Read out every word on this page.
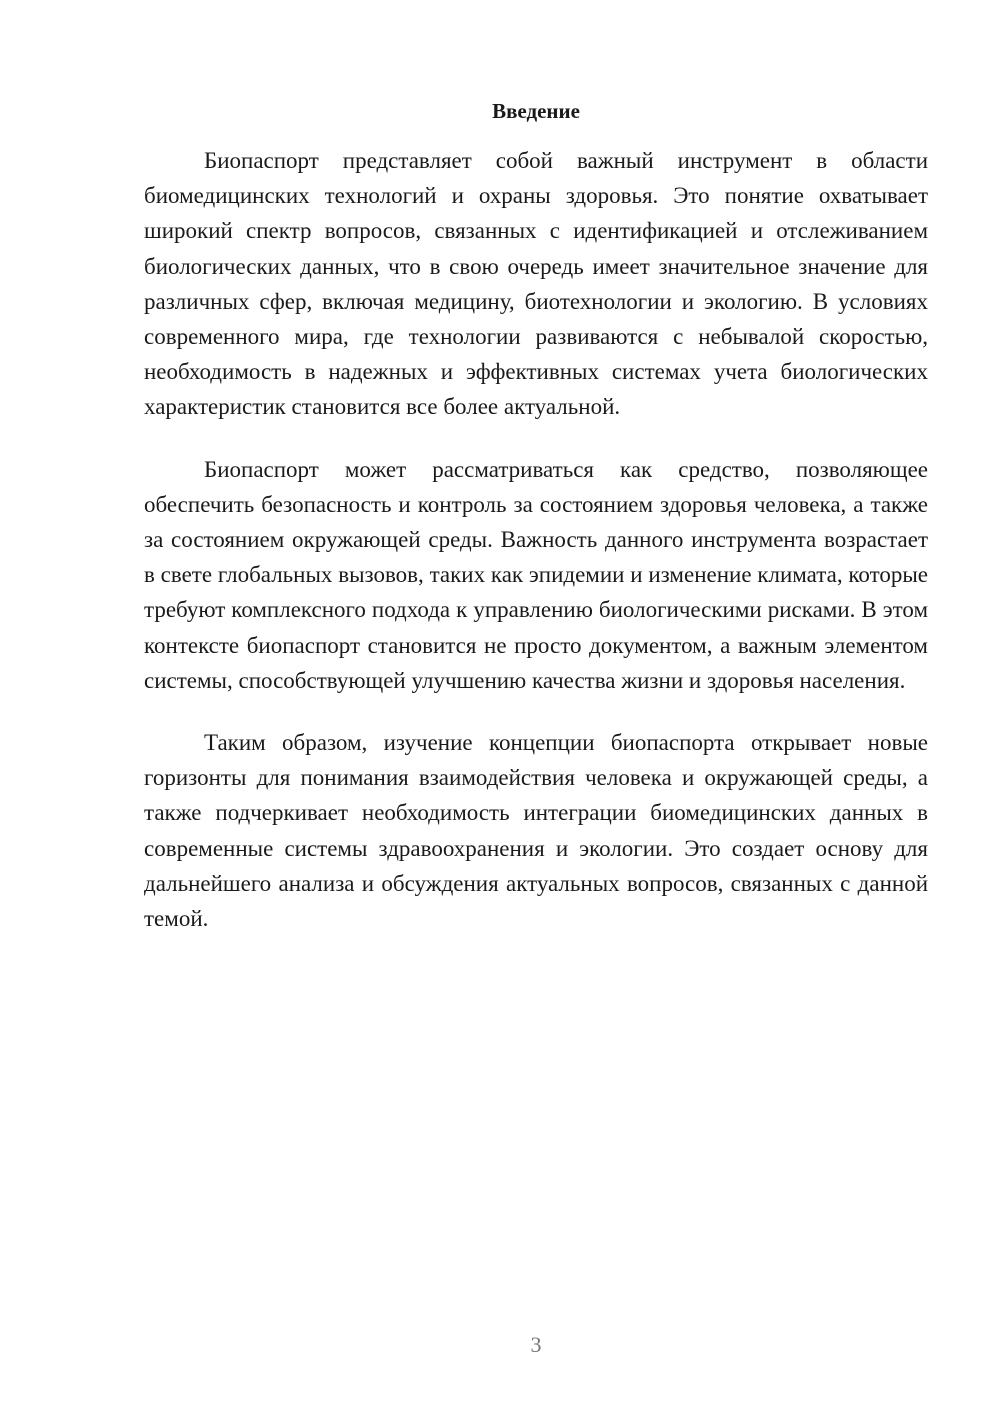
Введение

Биопаспорт представляет собой важный инструмент в области биомедицинских технологий и охраны здоровья. Это понятие охватывает широкий спектр вопросов, связанных с идентификацией и отслеживанием биологических данных, что в свою очередь имеет значительное значение для различных сфер, включая медицину, биотехнологии и экологию. В условиях современного мира, где технологии развиваются с небывалой скоростью, необходимость в надежных и эффективных системах учета биологических характеристик становится все более актуальной.

Биопаспорт может рассматриваться как средство, позволяющее обеспечить безопасность и контроль за состоянием здоровья человека, а также за состоянием окружающей среды. Важность данного инструмента возрастает в свете глобальных вызовов, таких как эпидемии и изменение климата, которые требуют комплексного подхода к управлению биологическими рисками. В этом контексте биопаспорт становится не просто документом, а важным элементом системы, способствующей улучшению качества жизни и здоровья населения.

Таким образом, изучение концепции биопаспорта открывает новые горизонты для понимания взаимодействия человека и окружающей среды, а также подчеркивает необходимость интеграции биомедицинских данных в современные системы здравоохранения и экологии. Это создает основу для дальнейшего анализа и обсуждения актуальных вопросов, связанных с данной темой.

3
